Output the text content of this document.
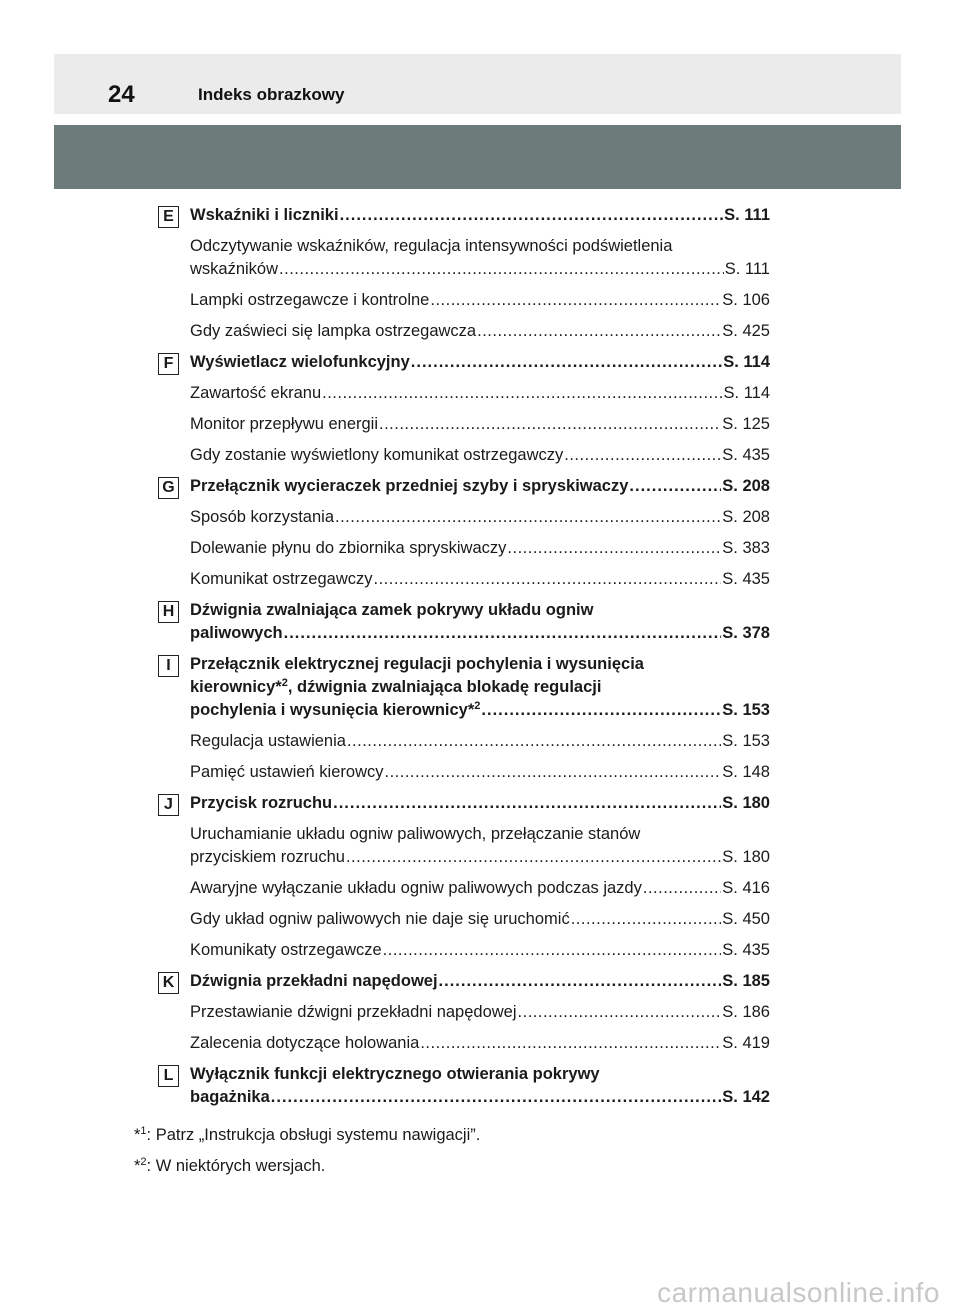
24	Indeks obrazkowy
E Wskaźniki i liczniki .....	S. 111
Odczytywanie wskaźników, regulacja intensywności podświetlenia
wskaźników .....	S. 111
Lampki ostrzegawcze i kontrolne .....	S. 106
Gdy zaświeci się lampka ostrzegawcza .....	S. 425
F	Wyświetlacz wielofunkcyjny .....	S. 114
Zawartość ekranu .....	S. 114
Monitor przepływu energii .....	S. 125
Gdy zostanie wyświetlony komunikat ostrzegawczy .....	S. 435
G Przełącznik wycieraczek przedniej szyby i spryskiwaczy .....	S. 208
Sposób korzystania .....	S. 208
Dolewanie płynu do zbiornika spryskiwaczy .....	S. 383
Komunikat ostrzegawczy .....	S. 435
H Dźwignia zwalniająca zamek pokrywy układu ogniw
paliwowych .....	S. 378
I	Przełącznik elektrycznej regulacji pochylenia i wysunięcia
kierownicy*$^2$, dźwignia zwalniająca blokadę regulacji
pochylenia i wysunięcia kierownicy*$^2$ .....	S. 153
Regulacja ustawienia .....	S. 153
Pamięć ustawień kierowcy .....	S. 148
J	Przycisk rozruchu .....	S. 180
Uruchamianie układu ogniw paliwowych, przełączanie stanów
przyciskiem rozruchu .....	S. 180
Awaryjne wyłączanie układu ogniw paliwowych podczas jazdy .....	S. 416
Gdy układ ogniw paliwowych nie daje się uruchomić .....	S. 450
Komunikaty ostrzegawcze .....	S. 435
K Dźwignia przekładni napędowej .....	S. 185
Przestawianie dźwigni przekładni napędowej .....	S. 186
Zalecenia dotyczące holowania .....	S. 419
L	Wyłącznik funkcji elektrycznego otwierania pokrywy
bagażnika .....	S. 142
*$^1$: Patrz „Instrukcja obsługi systemu nawigacji”.
*$^2$: W niektórych wersjach.
carmanualsonline.info
